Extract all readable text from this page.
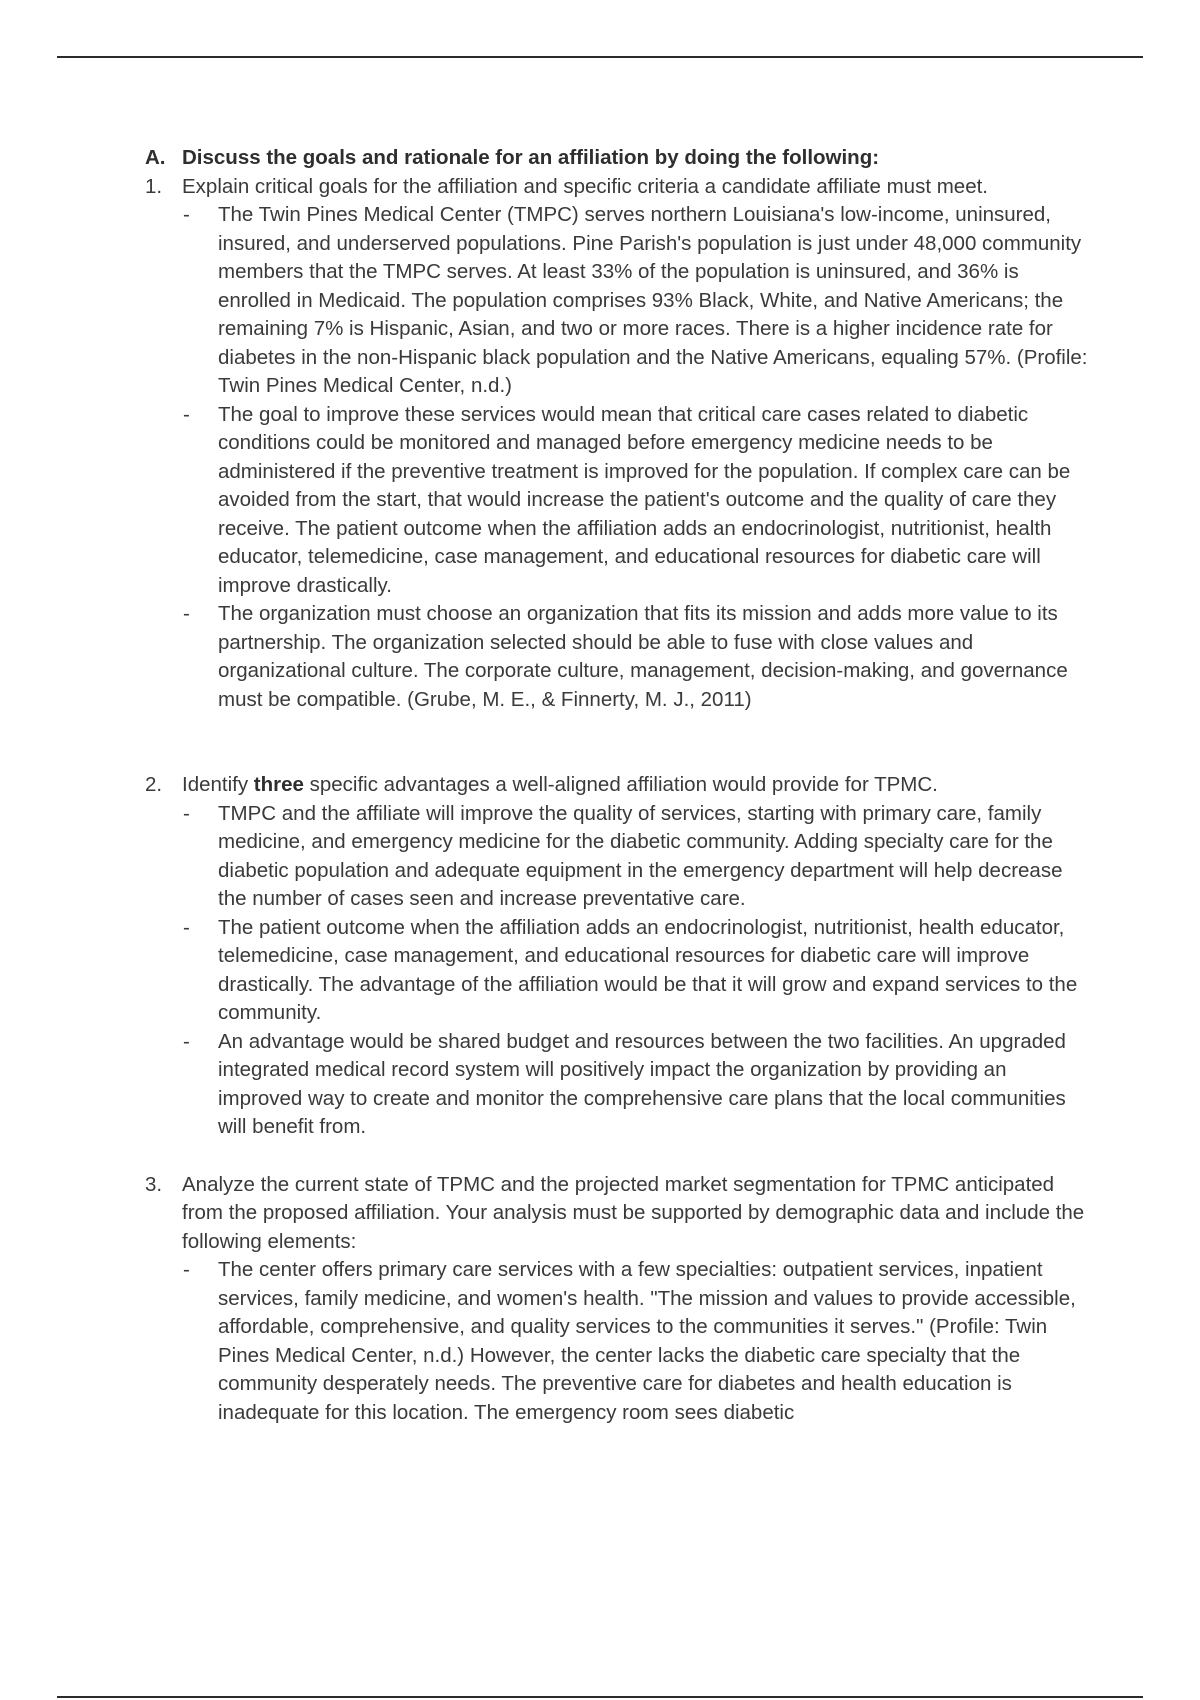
A. Discuss the goals and rationale for an affiliation by doing the following:
1. Explain critical goals for the affiliation and specific criteria a candidate affiliate must meet.
- The Twin Pines Medical Center (TMPC) serves northern Louisiana's low-income, uninsured, insured, and underserved populations. Pine Parish's population is just under 48,000 community members that the TMPC serves. At least 33% of the population is uninsured, and 36% is enrolled in Medicaid. The population comprises 93% Black, White, and Native Americans; the remaining 7% is Hispanic, Asian, and two or more races. There is a higher incidence rate for diabetes in the non-Hispanic black population and the Native Americans, equaling 57%. (Profile: Twin Pines Medical Center, n.d.)
- The goal to improve these services would mean that critical care cases related to diabetic conditions could be monitored and managed before emergency medicine needs to be administered if the preventive treatment is improved for the population. If complex care can be avoided from the start, that would increase the patient's outcome and the quality of care they receive. The patient outcome when the affiliation adds an endocrinologist, nutritionist, health educator, telemedicine, case management, and educational resources for diabetic care will improve drastically.
- The organization must choose an organization that fits its mission and adds more value to its partnership. The organization selected should be able to fuse with close values and organizational culture. The corporate culture, management, decision-making, and governance must be compatible. (Grube, M. E., & Finnerty, M. J., 2011)
2. Identify three specific advantages a well-aligned affiliation would provide for TPMC.
- TMPC and the affiliate will improve the quality of services, starting with primary care, family medicine, and emergency medicine for the diabetic community. Adding specialty care for the diabetic population and adequate equipment in the emergency department will help decrease the number of cases seen and increase preventative care.
- The patient outcome when the affiliation adds an endocrinologist, nutritionist, health educator, telemedicine, case management, and educational resources for diabetic care will improve drastically. The advantage of the affiliation would be that it will grow and expand services to the community.
- An advantage would be shared budget and resources between the two facilities. An upgraded integrated medical record system will positively impact the organization by providing an improved way to create and monitor the comprehensive care plans that the local communities will benefit from.
3. Analyze the current state of TPMC and the projected market segmentation for TPMC anticipated from the proposed affiliation. Your analysis must be supported by demographic data and include the following elements:
- The center offers primary care services with a few specialties: outpatient services, inpatient services, family medicine, and women's health. "The mission and values to provide accessible, affordable, comprehensive, and quality services to the communities it serves." (Profile: Twin Pines Medical Center, n.d.) However, the center lacks the diabetic care specialty that the community desperately needs. The preventive care for diabetes and health education is inadequate for this location. The emergency room sees diabetic
